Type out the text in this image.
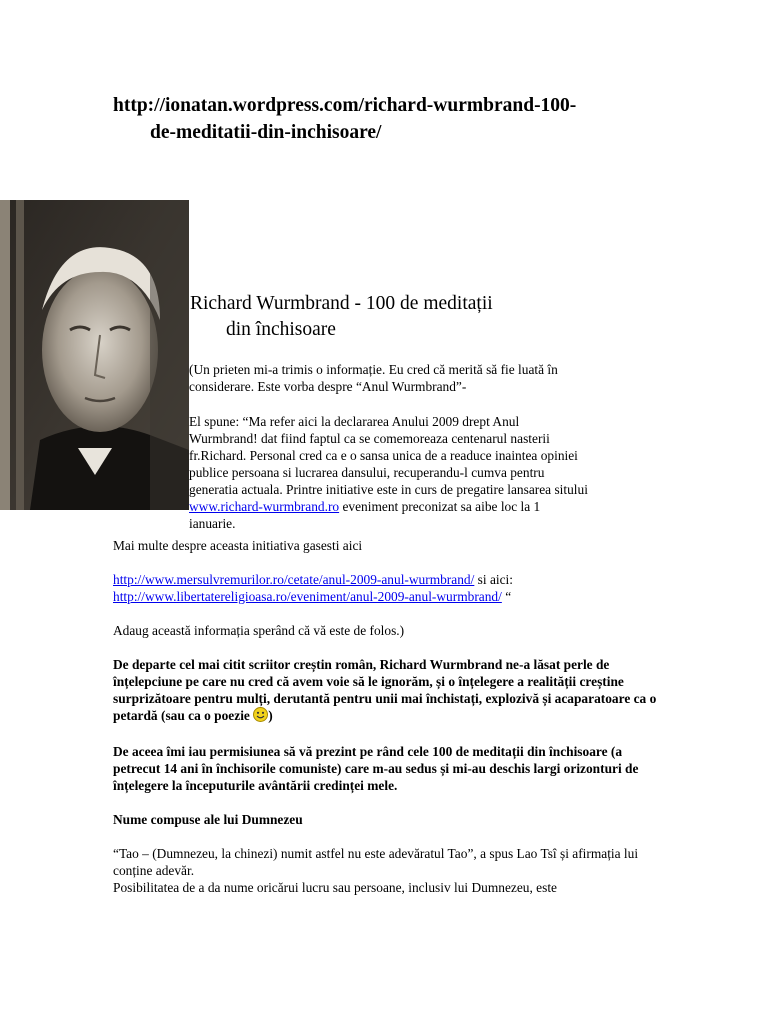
http://ionatan.wordpress.com/richard-wurmbrand-100-
de-meditatii-din-inchisoare/
Richard Wurmbrand - 100 de meditații
din închisoare

(Un prieten mi-a trimis o informație. Eu cred că merită să fie luată în considerare. Este vorba despre “Anul Wurmbrand”-

El spune: “Ma refer aici la declararea Anului 2009 drept Anul Wurmbrand! dat fiind faptul ca se comemoreaza centenarul nasterii fr.Richard. Personal cred ca e o sansa unica de a readuce inaintea opiniei publice persoana si lucrarea dansului, recuperandu-l cumva pentru generatia actuala. Printre initiative este in curs de pregatire lansarea sitului www.richard-wurmbrand.ro eveniment preconizat sa aibe loc la 1 ianuarie.

Mai multe despre aceasta initiativa gasesti aici

http://www.mersulvremurilor.ro/cetate/anul-2009-anul-wurmbrand/ si aici:
http://www.libertatereligioasa.ro/eveniment/anul-2009-anul-wurmbrand/ “

Adaug această informația sperând că vă este de folos.)

De departe cel mai citit scriitor creștin român, Richard Wurmbrand ne-a lăsat perle de înțelepciune pe care nu cred că avem voie să le ignorăm, și o înțelegere a realității creștine surprizătoare pentru mulți, derutantă pentru unii mai închistați, explozivă și acaparatoare ca o petardă (sau ca o poezie )

De aceea îmi iau permisiunea să vă prezint pe rând cele 100 de meditații din închisoare (a petrecut 14 ani în închisorile comuniste) care m-au sedus și mi-au deschis largi orizonturi de înțelegere la începuturile avântării credinței mele.

Nume compuse ale lui Dumnezeu

“Tao – (Dumnezeu, la chinezi) numit astfel nu este adevăratul Tao”, a spus Lao Tsî și afirmația lui conține adevăr.

Posibilitatea de a da nume oricărui lucru sau persoane, inclusiv lui Dumnezeu, este
